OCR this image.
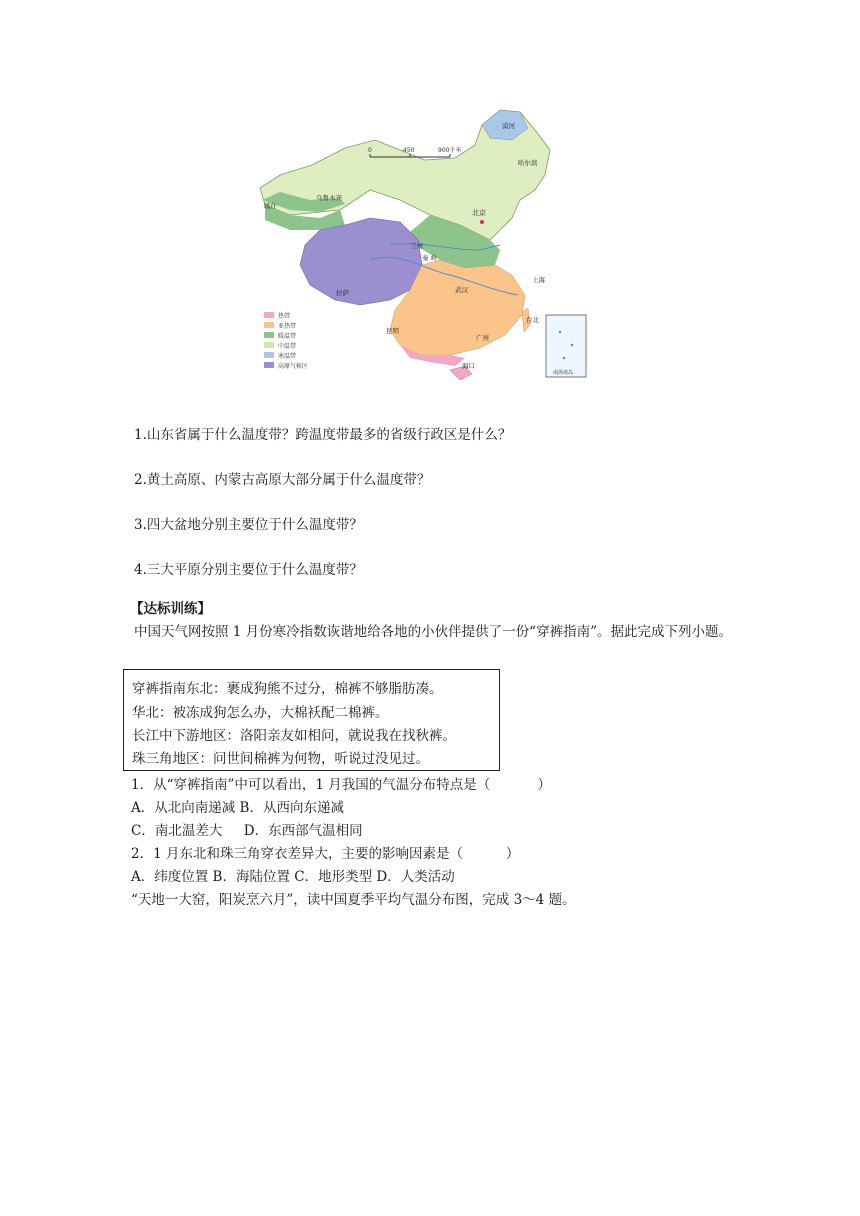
0	450	900千米
漠河
哈尔滨
乌鲁木齐
喀什
北京
兰州
秦 岭
上海
武汉
拉萨
台北
昆明
广州
海口
热带
亚热带
暖温带
中温带
寒温带
高原气候区
南海诸岛

1.山东省属于什么温度带？跨温度带最多的省级行政区是什么？

2.黄土高原、内蒙古高原大部分属于什么温度带？

3.四大盆地分别主要位于什么温度带？

4.三大平原分别主要位于什么温度带？

【达标训练】

中国天气网按照 1 月份寒冷指数诙谐地给各地的小伙伴提供了一份“穿裤指南”。据此完成下列小题。

穿裤指南东北：裹成狗熊不过分，棉裤不够脂肪凑。

华北：被冻成狗怎么办，大棉袄配二棉裤。

长江中下游地区：洛阳亲友如相问，就说我在找秋裤。

珠三角地区：问世间棉裤为何物，听说过没见过。

1．从“穿裤指南”中可以看出，1 月我国的气温分布特点是（           ）

A．从北向南递减 B．从西向东递减

C．南北温差大     D．东西部气温相同

2．1 月东北和珠三角穿衣差异大，主要的影响因素是（          ）

A．纬度位置 B．海陆位置 C．地形类型 D．人类活动

“天地一大窑，阳炭烹六月”，读中国夏季平均气温分布图，完成 3～4 题。
